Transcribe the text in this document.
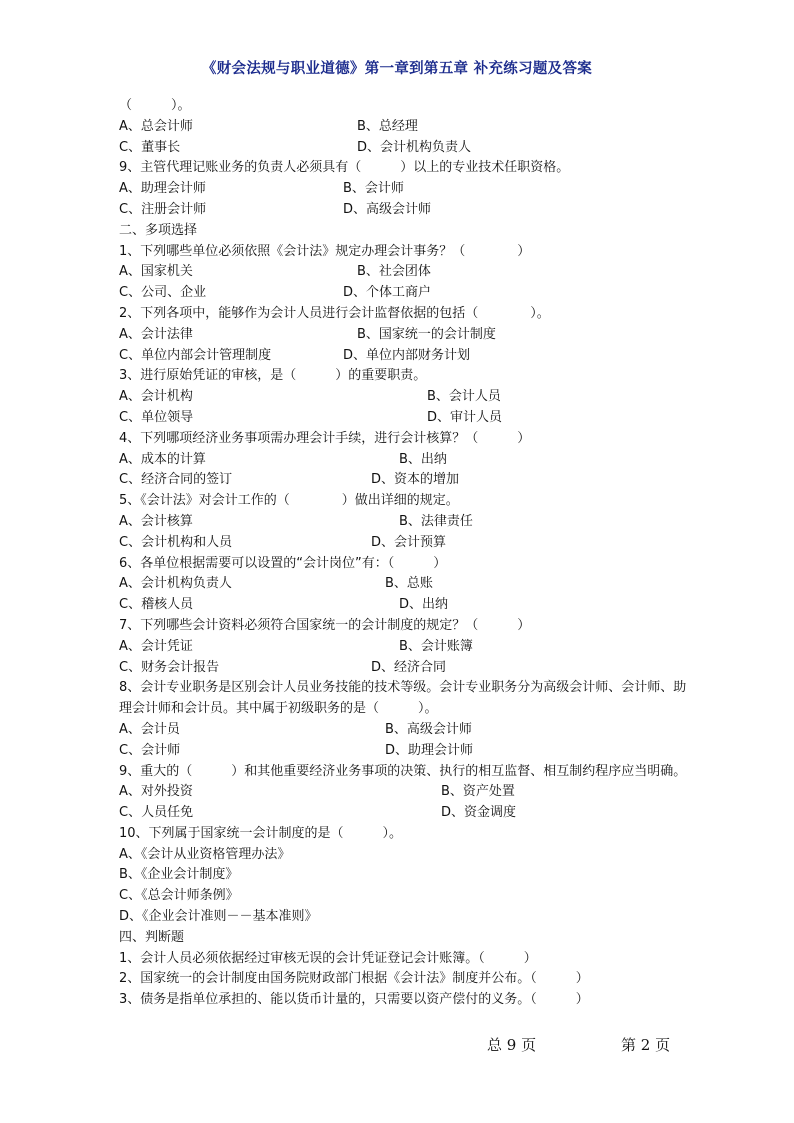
《财会法规与职业道德》第一章到第五章 补充练习题及答案
（　　　）。
A、总会计师	B、总经理
C、董事长	D、会计机构负责人
9、主管代理记账业务的负责人必须具有（　　　）以上的专业技术任职资格。
A、助理会计师	B、会计师
C、注册会计师	D、高级会计师
二、多项选择
1、下列哪些单位必须依照《会计法》规定办理会计事务？（　　　　）
A、国家机关	B、社会团体
C、公司、企业	D、个体工商户
2、下列各项中，能够作为会计人员进行会计监督依据的包括（　　　　）。
A、会计法律	B、国家统一的会计制度
C、单位内部会计管理制度	D、单位内部财务计划
3、进行原始凭证的审核，是（　　　）的重要职责。
A、会计机构	B、会计人员
C、单位领导	D、审计人员
4、下列哪项经济业务事项需办理会计手续，进行会计核算？（　　　）
A、成本的计算	B、出纳
C、经济合同的签订	D、资本的增加
5、《会计法》对会计工作的（　　　　）做出详细的规定。
A、会计核算	B、法律责任
C、会计机构和人员	D、会计预算
6、各单位根据需要可以设置的“会计岗位”有：（　　　）
A、会计机构负责人	B、总账
C、稽核人员	D、出纳
7、下列哪些会计资料必须符合国家统一的会计制度的规定？（　　　）
A、会计凭证	B、会计账簿
C、财务会计报告	D、经济合同
8、会计专业职务是区别会计人员业务技能的技术等级。会计专业职务分为高级会计师、会计师、助理会计师和会计员。其中属于初级职务的是（　　　）。
A、会计员	B、高级会计师
C、会计师	D、助理会计师
9、重大的（　　　）和其他重要经济业务事项的决策、执行的相互监督、相互制约程序应当明确。
A、对外投资	B、资产处置
C、人员任免	D、资金调度
10、下列属于国家统一会计制度的是（　　　）。
A、《会计从业资格管理办法》
B、《企业会计制度》
C、《总会计师条例》
D、《企业会计准则－－基本准则》
四、判断题
1、会计人员必须依据经过审核无误的会计凭证登记会计账簿。（　　　）
2、国家统一的会计制度由国务院财政部门根据《会计法》制度并公布。（　　　）
3、债务是指单位承担的、能以货币计量的，只需要以资产偿付的义务。（　　　）
总 9 页	第 2 页
